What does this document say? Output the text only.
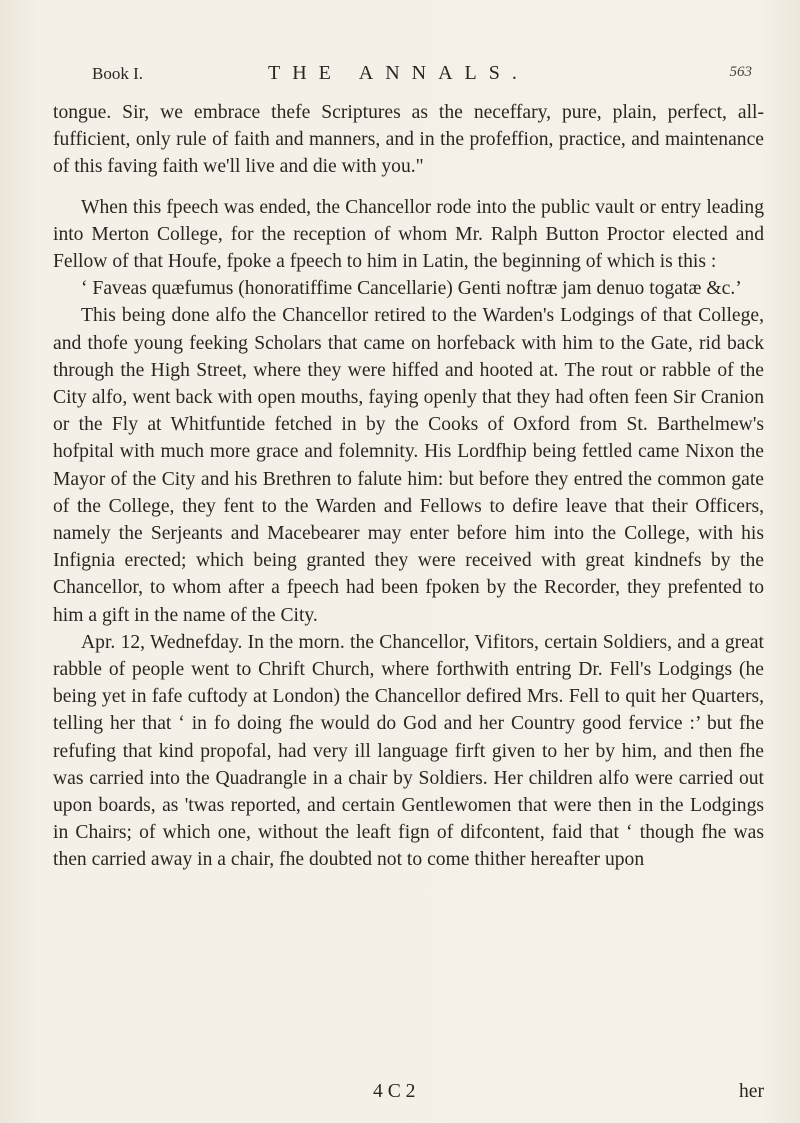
Book I.	THE ANNALS.	563

tongue. Sir, we embrace thefe Scriptures as the neceffary, pure, plain, perfect, all-fufficient, only rule of faith and manners, and in the profeffion, practice, and maintenance of this faving faith we'll live and die with you."

When this fpeech was ended, the Chancellor rode into the public vault or entry leading into Merton College, for the reception of whom Mr. Ralph Button Proctor elected and Fellow of that Houfe, fpoke a fpeech to him in Latin, the beginning of which is this :

‘ Faveas quæfumus (honoratiffime Cancellarie) Genti noftræ jam denuo togatæ &c.’

This being done alfo the Chancellor retired to the Warden's Lodgings of that College, and thofe young feeking Scholars that came on horfeback with him to the Gate, rid back through the High Street, where they were hiffed and hooted at. The rout or rabble of the City alfo, went back with open mouths, faying openly that they had often feen Sir Cranion or the Fly at Whitfuntide fetched in by the Cooks of Oxford from St. Barthelmew's hofpital with much more grace and folemnity. His Lordfhip being fettled came Nixon the Mayor of the City and his Brethren to falute him: but before they entred the common gate of the College, they fent to the Warden and Fellows to defire leave that their Officers, namely the Serjeants and Macebearer may enter before him into the College, with his Infignia erected; which being granted they were received with great kindnefs by the Chancellor, to whom after a fpeech had been fpoken by the Recorder, they prefented to him a gift in the name of the City.

Apr. 12, Wednefday. In the morn. the Chancellor, Vifitors, certain Soldiers, and a great rabble of people went to Chrift Church, where forthwith entring Dr. Fell's Lodgings (he being yet in fafe cuftody at London) the Chancellor defired Mrs. Fell to quit her Quarters, telling her that ‘ in fo doing fhe would do God and her Country good fervice :’ but fhe refufing that kind propofal, had very ill language firft given to her by him, and then fhe was carried into the Quadrangle in a chair by Soldiers. Her children alfo were carried out upon boards, as 'twas reported, and certain Gentlewomen that were then in the Lodgings in Chairs; of which one, without the leaft fign of difcontent, faid that ‘ though fhe was then carried away in a chair, fhe doubted not to come thither hereafter upon

4 C 2	her
